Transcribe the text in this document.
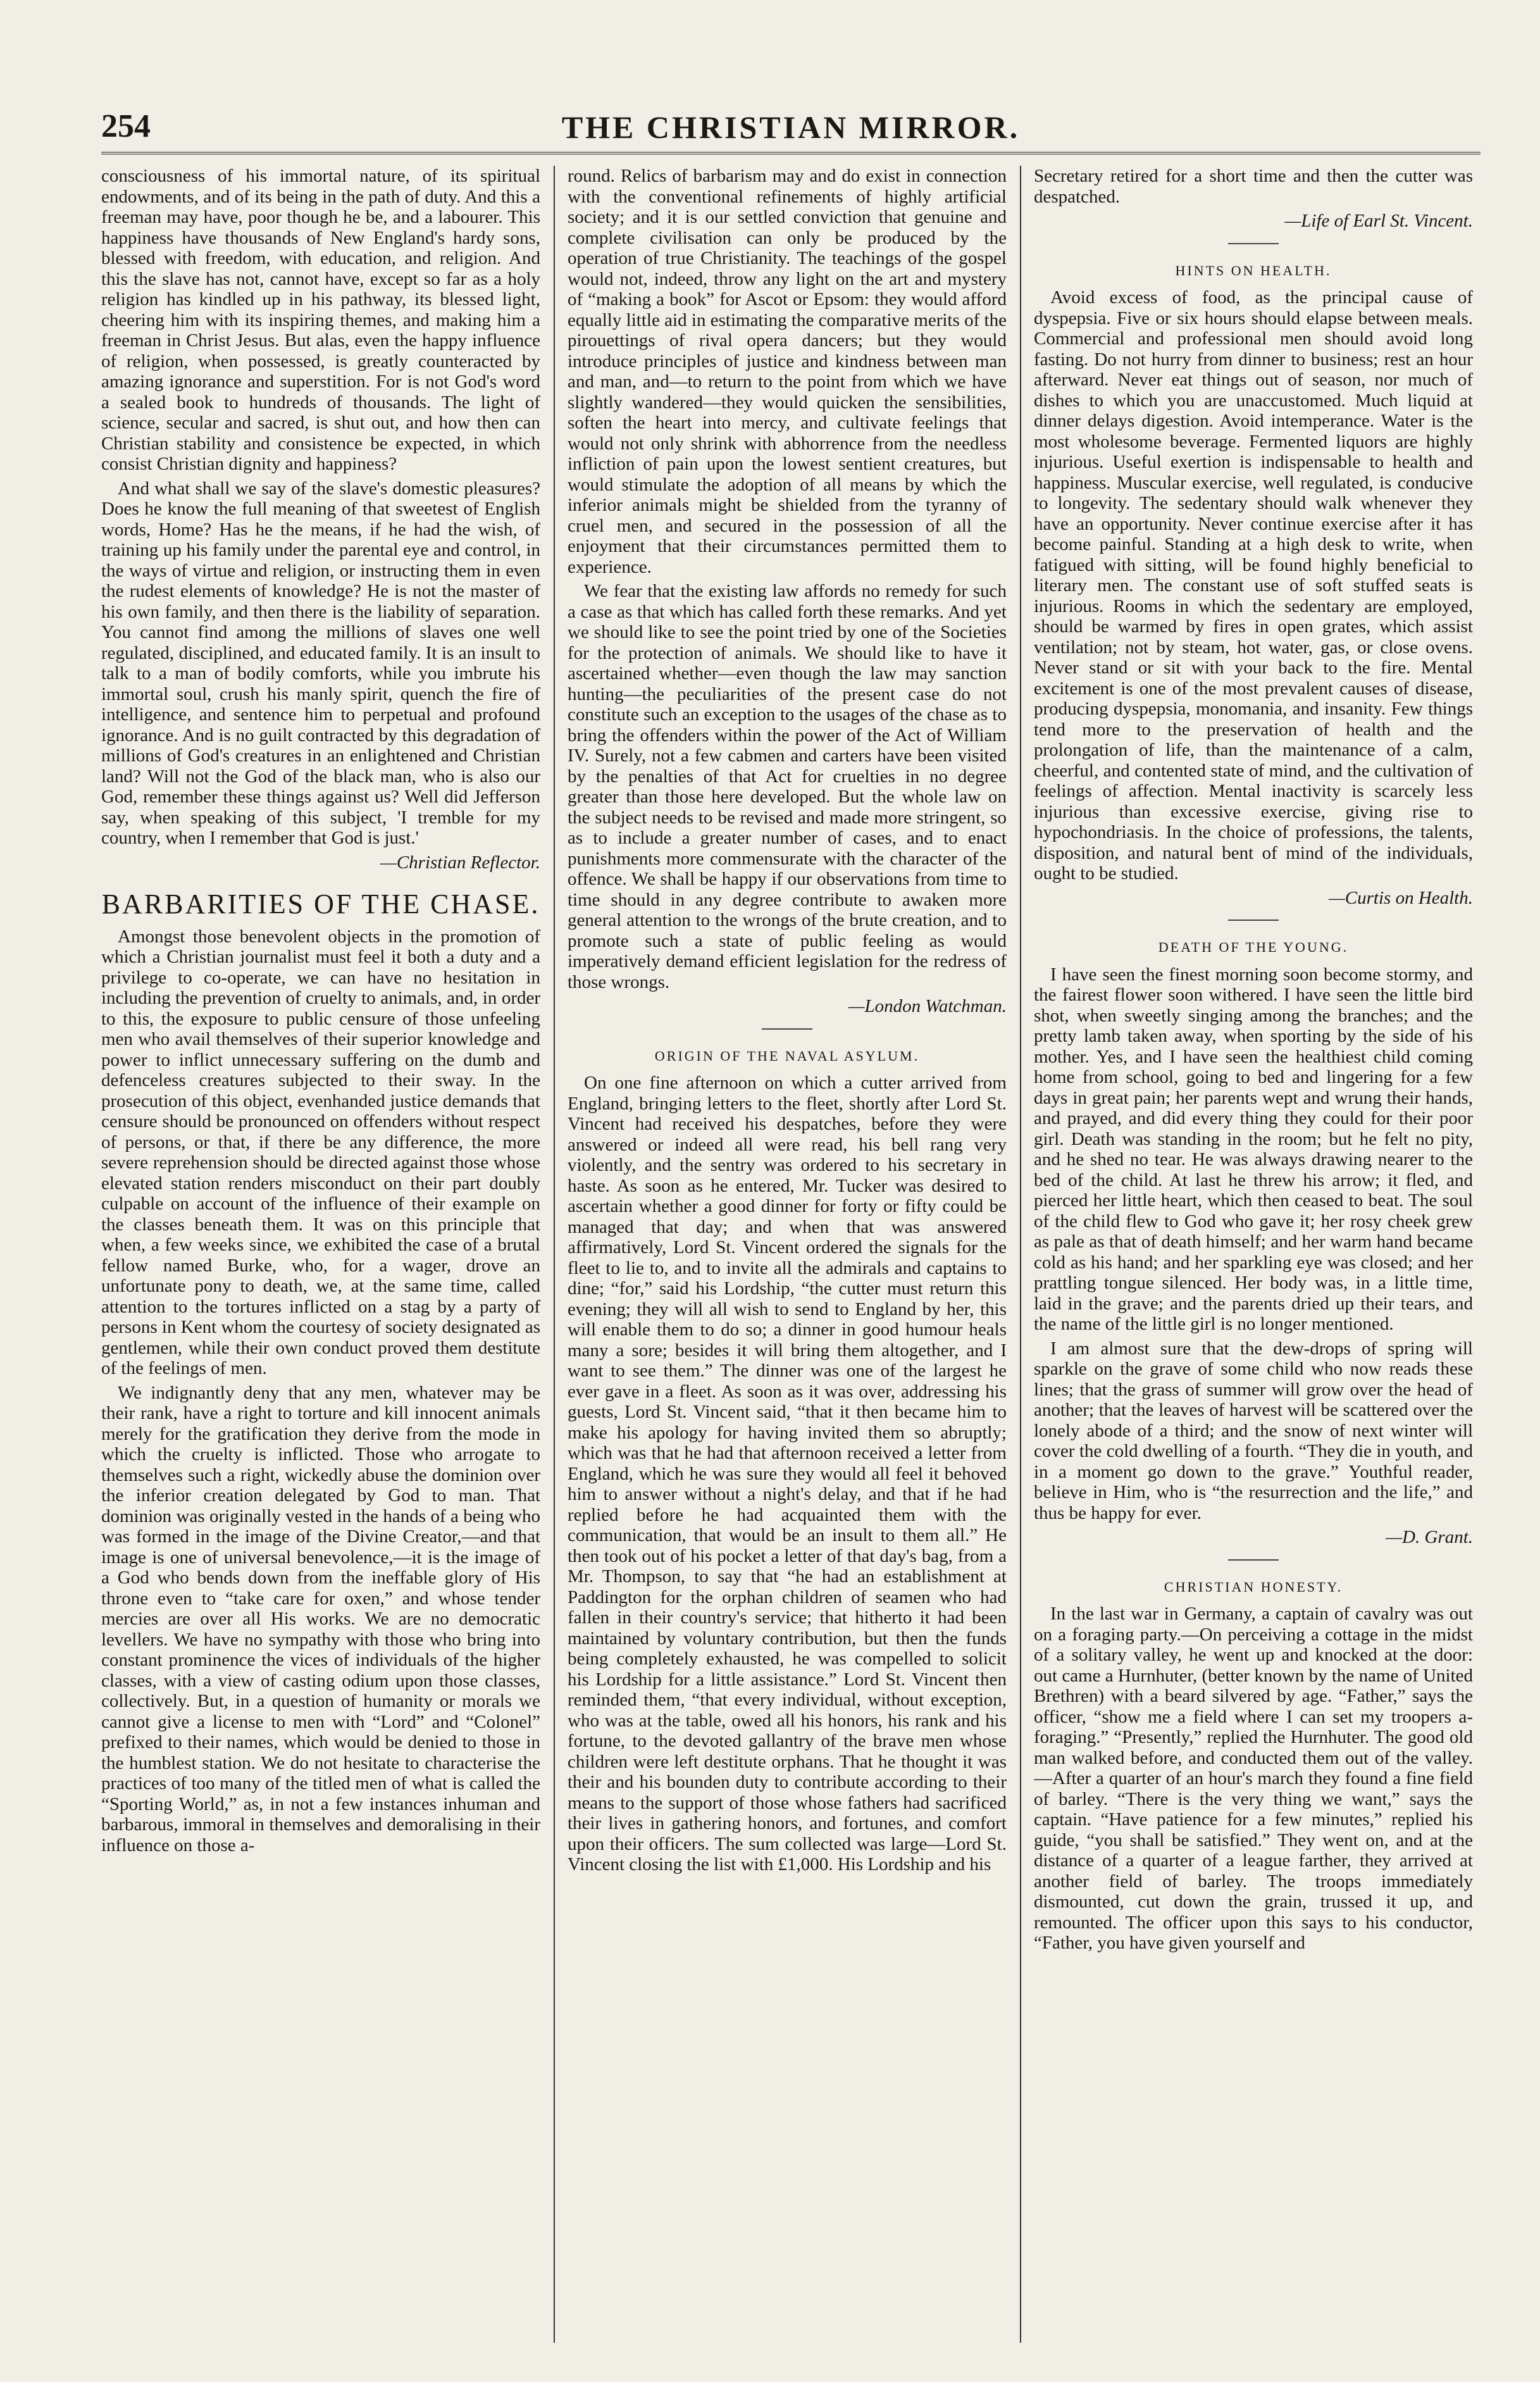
254	THE CHRISTIAN MIRROR.

consciousness of his immortal nature, of its spiritual endowments, and of its being in the path of duty. And this a freeman may have, poor though he be, and a labourer. This happiness have thousands of New England's hardy sons, blessed with freedom, with education, and religion. And this the slave has not, cannot have, except so far as a holy religion has kindled up in his pathway, its blessed light, cheering him with its inspiring themes, and making him a freeman in Christ Jesus. But alas, even the happy influence of religion, when possessed, is greatly counteracted by amazing ignorance and superstition. For is not God's word a sealed book to hundreds of thousands. The light of science, secular and sacred, is shut out, and how then can Christian stability and consistence be expected, in which consist Christian dignity and happiness?

And what shall we say of the slave's domestic pleasures? Does he know the full meaning of that sweetest of English words, Home? Has he the means, if he had the wish, of training up his family under the parental eye and control, in the ways of virtue and religion, or instructing them in even the rudest elements of knowledge? He is not the master of his own family, and then there is the liability of separation. You cannot find among the millions of slaves one well regulated, disciplined, and educated family. It is an insult to talk to a man of bodily comforts, while you imbrute his immortal soul, crush his manly spirit, quench the fire of intelligence, and sentence him to perpetual and profound ignorance. And is no guilt contracted by this degradation of millions of God's creatures in an enlightened and Christian land? Will not the God of the black man, who is also our God, remember these things against us? Well did Jefferson say, when speaking of this subject, 'I tremble for my country, when I remember that God is just.'

—Christian Reflector.

BARBARITIES OF THE CHASE.

Amongst those benevolent objects in the promotion of which a Christian journalist must feel it both a duty and a privilege to co-operate, we can have no hesitation in including the prevention of cruelty to animals, and, in order to this, the exposure to public censure of those unfeeling men who avail themselves of their superior knowledge and power to inflict unnecessary suffering on the dumb and defenceless creatures subjected to their sway. In the prosecution of this object, evenhanded justice demands that censure should be pronounced on offenders without respect of persons, or that, if there be any difference, the more severe reprehension should be directed against those whose elevated station renders misconduct on their part doubly culpable on account of the influence of their example on the classes beneath them. It was on this principle that when, a few weeks since, we exhibited the case of a brutal fellow named Burke, who, for a wager, drove an unfortunate pony to death, we, at the same time, called attention to the tortures inflicted on a stag by a party of persons in Kent whom the courtesy of society designated as gentlemen, while their own conduct proved them destitute of the feelings of men.

We indignantly deny that any men, whatever may be their rank, have a right to torture and kill innocent animals merely for the gratification they derive from the mode in which the cruelty is inflicted. Those who arrogate to themselves such a right, wickedly abuse the dominion over the inferior creation delegated by God to man. That dominion was originally vested in the hands of a being who was formed in the image of the Divine Creator,—and that image is one of universal benevolence,—it is the image of a God who bends down from the ineffable glory of His throne even to “take care for oxen,” and whose tender mercies are over all His works. We are no democratic levellers. We have no sympathy with those who bring into constant prominence the vices of individuals of the higher classes, with a view of casting odium upon those classes, collectively. But, in a question of humanity or morals we cannot give a license to men with “Lord” and “Colonel” prefixed to their names, which would be denied to those in the humblest station. We do not hesitate to characterise the practices of too many of the titled men of what is called the “Sporting World,” as, in not a few instances inhuman and barbarous, immoral in themselves and demoralising in their influence on those a-

round. Relics of barbarism may and do exist in connection with the conventional refinements of highly artificial society; and it is our settled conviction that genuine and complete civilisation can only be produced by the operation of true Christianity. The teachings of the gospel would not, indeed, throw any light on the art and mystery of “making a book” for Ascot or Epsom: they would afford equally little aid in estimating the comparative merits of the pirouettings of rival opera dancers; but they would introduce principles of justice and kindness between man and man, and—to return to the point from which we have slightly wandered—they would quicken the sensibilities, soften the heart into mercy, and cultivate feelings that would not only shrink with abhorrence from the needless infliction of pain upon the lowest sentient creatures, but would stimulate the adoption of all means by which the inferior animals might be shielded from the tyranny of cruel men, and secured in the possession of all the enjoyment that their circumstances permitted them to experience.

We fear that the existing law affords no remedy for such a case as that which has called forth these remarks. And yet we should like to see the point tried by one of the Societies for the protection of animals. We should like to have it ascertained whether—even though the law may sanction hunting—the peculiarities of the present case do not constitute such an exception to the usages of the chase as to bring the offenders within the power of the Act of William IV. Surely, not a few cabmen and carters have been visited by the penalties of that Act for cruelties in no degree greater than those here developed. But the whole law on the subject needs to be revised and made more stringent, so as to include a greater number of cases, and to enact punishments more commensurate with the character of the offence. We shall be happy if our observations from time to time should in any degree contribute to awaken more general attention to the wrongs of the brute creation, and to promote such a state of public feeling as would imperatively demand efficient legislation for the redress of those wrongs.

—London Watchman.

ORIGIN OF THE NAVAL ASYLUM.

On one fine afternoon on which a cutter arrived from England, bringing letters to the fleet, shortly after Lord St. Vincent had received his despatches, before they were answered or indeed all were read, his bell rang very violently, and the sentry was ordered to his secretary in haste. As soon as he entered, Mr. Tucker was desired to ascertain whether a good dinner for forty or fifty could be managed that day; and when that was answered affirmatively, Lord St. Vincent ordered the signals for the fleet to lie to, and to invite all the admirals and captains to dine; “for,” said his Lordship, “the cutter must return this evening; they will all wish to send to England by her, this will enable them to do so; a dinner in good humour heals many a sore; besides it will bring them altogether, and I want to see them.” The dinner was one of the largest he ever gave in a fleet. As soon as it was over, addressing his guests, Lord St. Vincent said, “that it then became him to make his apology for having invited them so abruptly; which was that he had that afternoon received a letter from England, which he was sure they would all feel it behoved him to answer without a night's delay, and that if he had replied before he had acquainted them with the communication, that would be an insult to them all.” He then took out of his pocket a letter of that day's bag, from a Mr. Thompson, to say that “he had an establishment at Paddington for the orphan children of seamen who had fallen in their country's service; that hitherto it had been maintained by voluntary contribution, but then the funds being completely exhausted, he was compelled to solicit his Lordship for a little assistance.” Lord St. Vincent then reminded them, “that every individual, without exception, who was at the table, owed all his honors, his rank and his fortune, to the devoted gallantry of the brave men whose children were left destitute orphans. That he thought it was their and his bounden duty to contribute according to their means to the support of those whose fathers had sacrificed their lives in gathering honors, and fortunes, and comfort upon their officers. The sum collected was large—Lord St. Vincent closing the list with £1,000. His Lordship and his

Secretary retired for a short time and then the cutter was despatched.

—Life of Earl St. Vincent.

HINTS ON HEALTH.

Avoid excess of food, as the principal cause of dyspepsia. Five or six hours should elapse between meals. Commercial and professional men should avoid long fasting. Do not hurry from dinner to business; rest an hour afterward. Never eat things out of season, nor much of dishes to which you are unaccustomed. Much liquid at dinner delays digestion. Avoid intemperance. Water is the most wholesome beverage. Fermented liquors are highly injurious. Useful exertion is indispensable to health and happiness. Muscular exercise, well regulated, is conducive to longevity. The sedentary should walk whenever they have an opportunity. Never continue exercise after it has become painful. Standing at a high desk to write, when fatigued with sitting, will be found highly beneficial to literary men. The constant use of soft stuffed seats is injurious. Rooms in which the sedentary are employed, should be warmed by fires in open grates, which assist ventilation; not by steam, hot water, gas, or close ovens. Never stand or sit with your back to the fire. Mental excitement is one of the most prevalent causes of disease, producing dyspepsia, monomania, and insanity. Few things tend more to the preservation of health and the prolongation of life, than the maintenance of a calm, cheerful, and contented state of mind, and the cultivation of feelings of affection. Mental inactivity is scarcely less injurious than excessive exercise, giving rise to hypochondriasis. In the choice of professions, the talents, disposition, and natural bent of mind of the individuals, ought to be studied.

—Curtis on Health.

DEATH OF THE YOUNG.

I have seen the finest morning soon become stormy, and the fairest flower soon withered. I have seen the little bird shot, when sweetly singing among the branches; and the pretty lamb taken away, when sporting by the side of his mother. Yes, and I have seen the healthiest child coming home from school, going to bed and lingering for a few days in great pain; her parents wept and wrung their hands, and prayed, and did every thing they could for their poor girl. Death was standing in the room; but he felt no pity, and he shed no tear. He was always drawing nearer to the bed of the child. At last he threw his arrow; it fled, and pierced her little heart, which then ceased to beat. The soul of the child flew to God who gave it; her rosy cheek grew as pale as that of death himself; and her warm hand became cold as his hand; and her sparkling eye was closed; and her prattling tongue silenced. Her body was, in a little time, laid in the grave; and the parents dried up their tears, and the name of the little girl is no longer mentioned.

I am almost sure that the dew-drops of spring will sparkle on the grave of some child who now reads these lines; that the grass of summer will grow over the head of another; that the leaves of harvest will be scattered over the lonely abode of a third; and the snow of next winter will cover the cold dwelling of a fourth. “They die in youth, and in a moment go down to the grave.” Youthful reader, believe in Him, who is “the resurrection and the life,” and thus be happy for ever.

—D. Grant.

CHRISTIAN HONESTY.

In the last war in Germany, a captain of cavalry was out on a foraging party.—On perceiving a cottage in the midst of a solitary valley, he went up and knocked at the door: out came a Hurnhuter, (better known by the name of United Brethren) with a beard silvered by age. “Father,” says the officer, “show me a field where I can set my troopers a-foraging.” “Presently,” replied the Hurnhuter. The good old man walked before, and conducted them out of the valley. —After a quarter of an hour's march they found a fine field of barley. “There is the very thing we want,” says the captain. “Have patience for a few minutes,” replied his guide, “you shall be satisfied.” They went on, and at the distance of a quarter of a league farther, they arrived at another field of barley. The troops immediately dismounted, cut down the grain, trussed it up, and remounted. The officer upon this says to his conductor, “Father, you have given yourself and
